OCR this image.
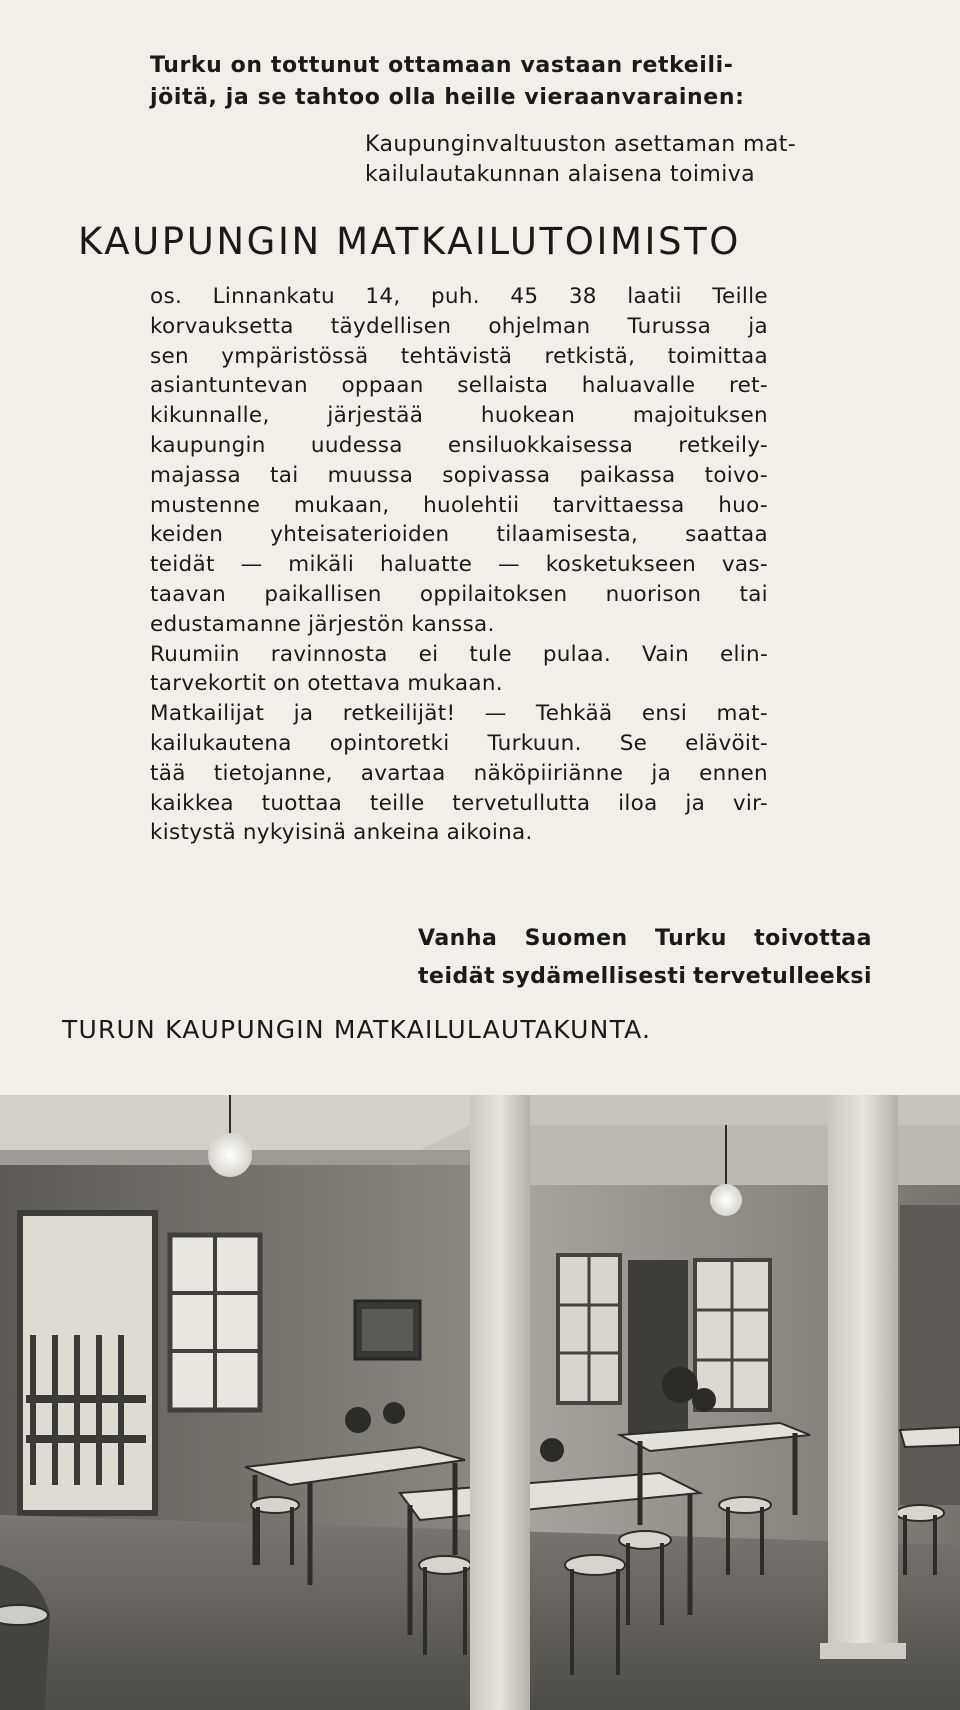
Turku on tottunut ottamaan vastaan retkeili-
jöitä, ja se tahtoo olla heille vieraanvarainen:
Kaupunginvaltuuston asettaman mat-
kailulautakunnan alaisena toimiva
KAUPUNGIN MATKAILUTOIMISTO
os. Linnankatu 14, puh. 45 38 laatii Teille
korvauksetta täydellisen ohjelman Turussa ja
sen ympäristössä tehtävistä retkistä, toimittaa
asiantuntevan oppaan sellaista haluavalle ret-
kikunnalle,	järjestää	huokean	majoituksen
kaupungin uudessa ensiluokkaisessa retkeily-
majassa tai muussa sopivassa paikassa toivo-
mustenne mukaan, huolehtii tarvittaessa huo-
keiden yhteisaterioiden tilaamisesta, saattaa
teidät — mikäli haluatte — kosketukseen vas-
taavan paikallisen oppilaitoksen nuorison tai
edustamanne järjestön kanssa.
Ruumiin ravinnosta ei tule pulaa. Vain elin-
tarvekortit on otettava mukaan.
Matkailijat ja retkeilijät! — Tehkää ensi mat-
kailukautena opintoretki Turkuun. Se elävöit-
tää tietojanne, avartaa näköpiiriänne ja ennen
kaikkea tuottaa teille tervetullutta iloa ja vir-
kistystä nykyisinä ankeina aikoina.
Vanha Suomen Turku toivottaa
teidät sydämellisesti tervetulleeksi
TURUN KAUPUNGIN MATKAILULAUTAKUNTA.
